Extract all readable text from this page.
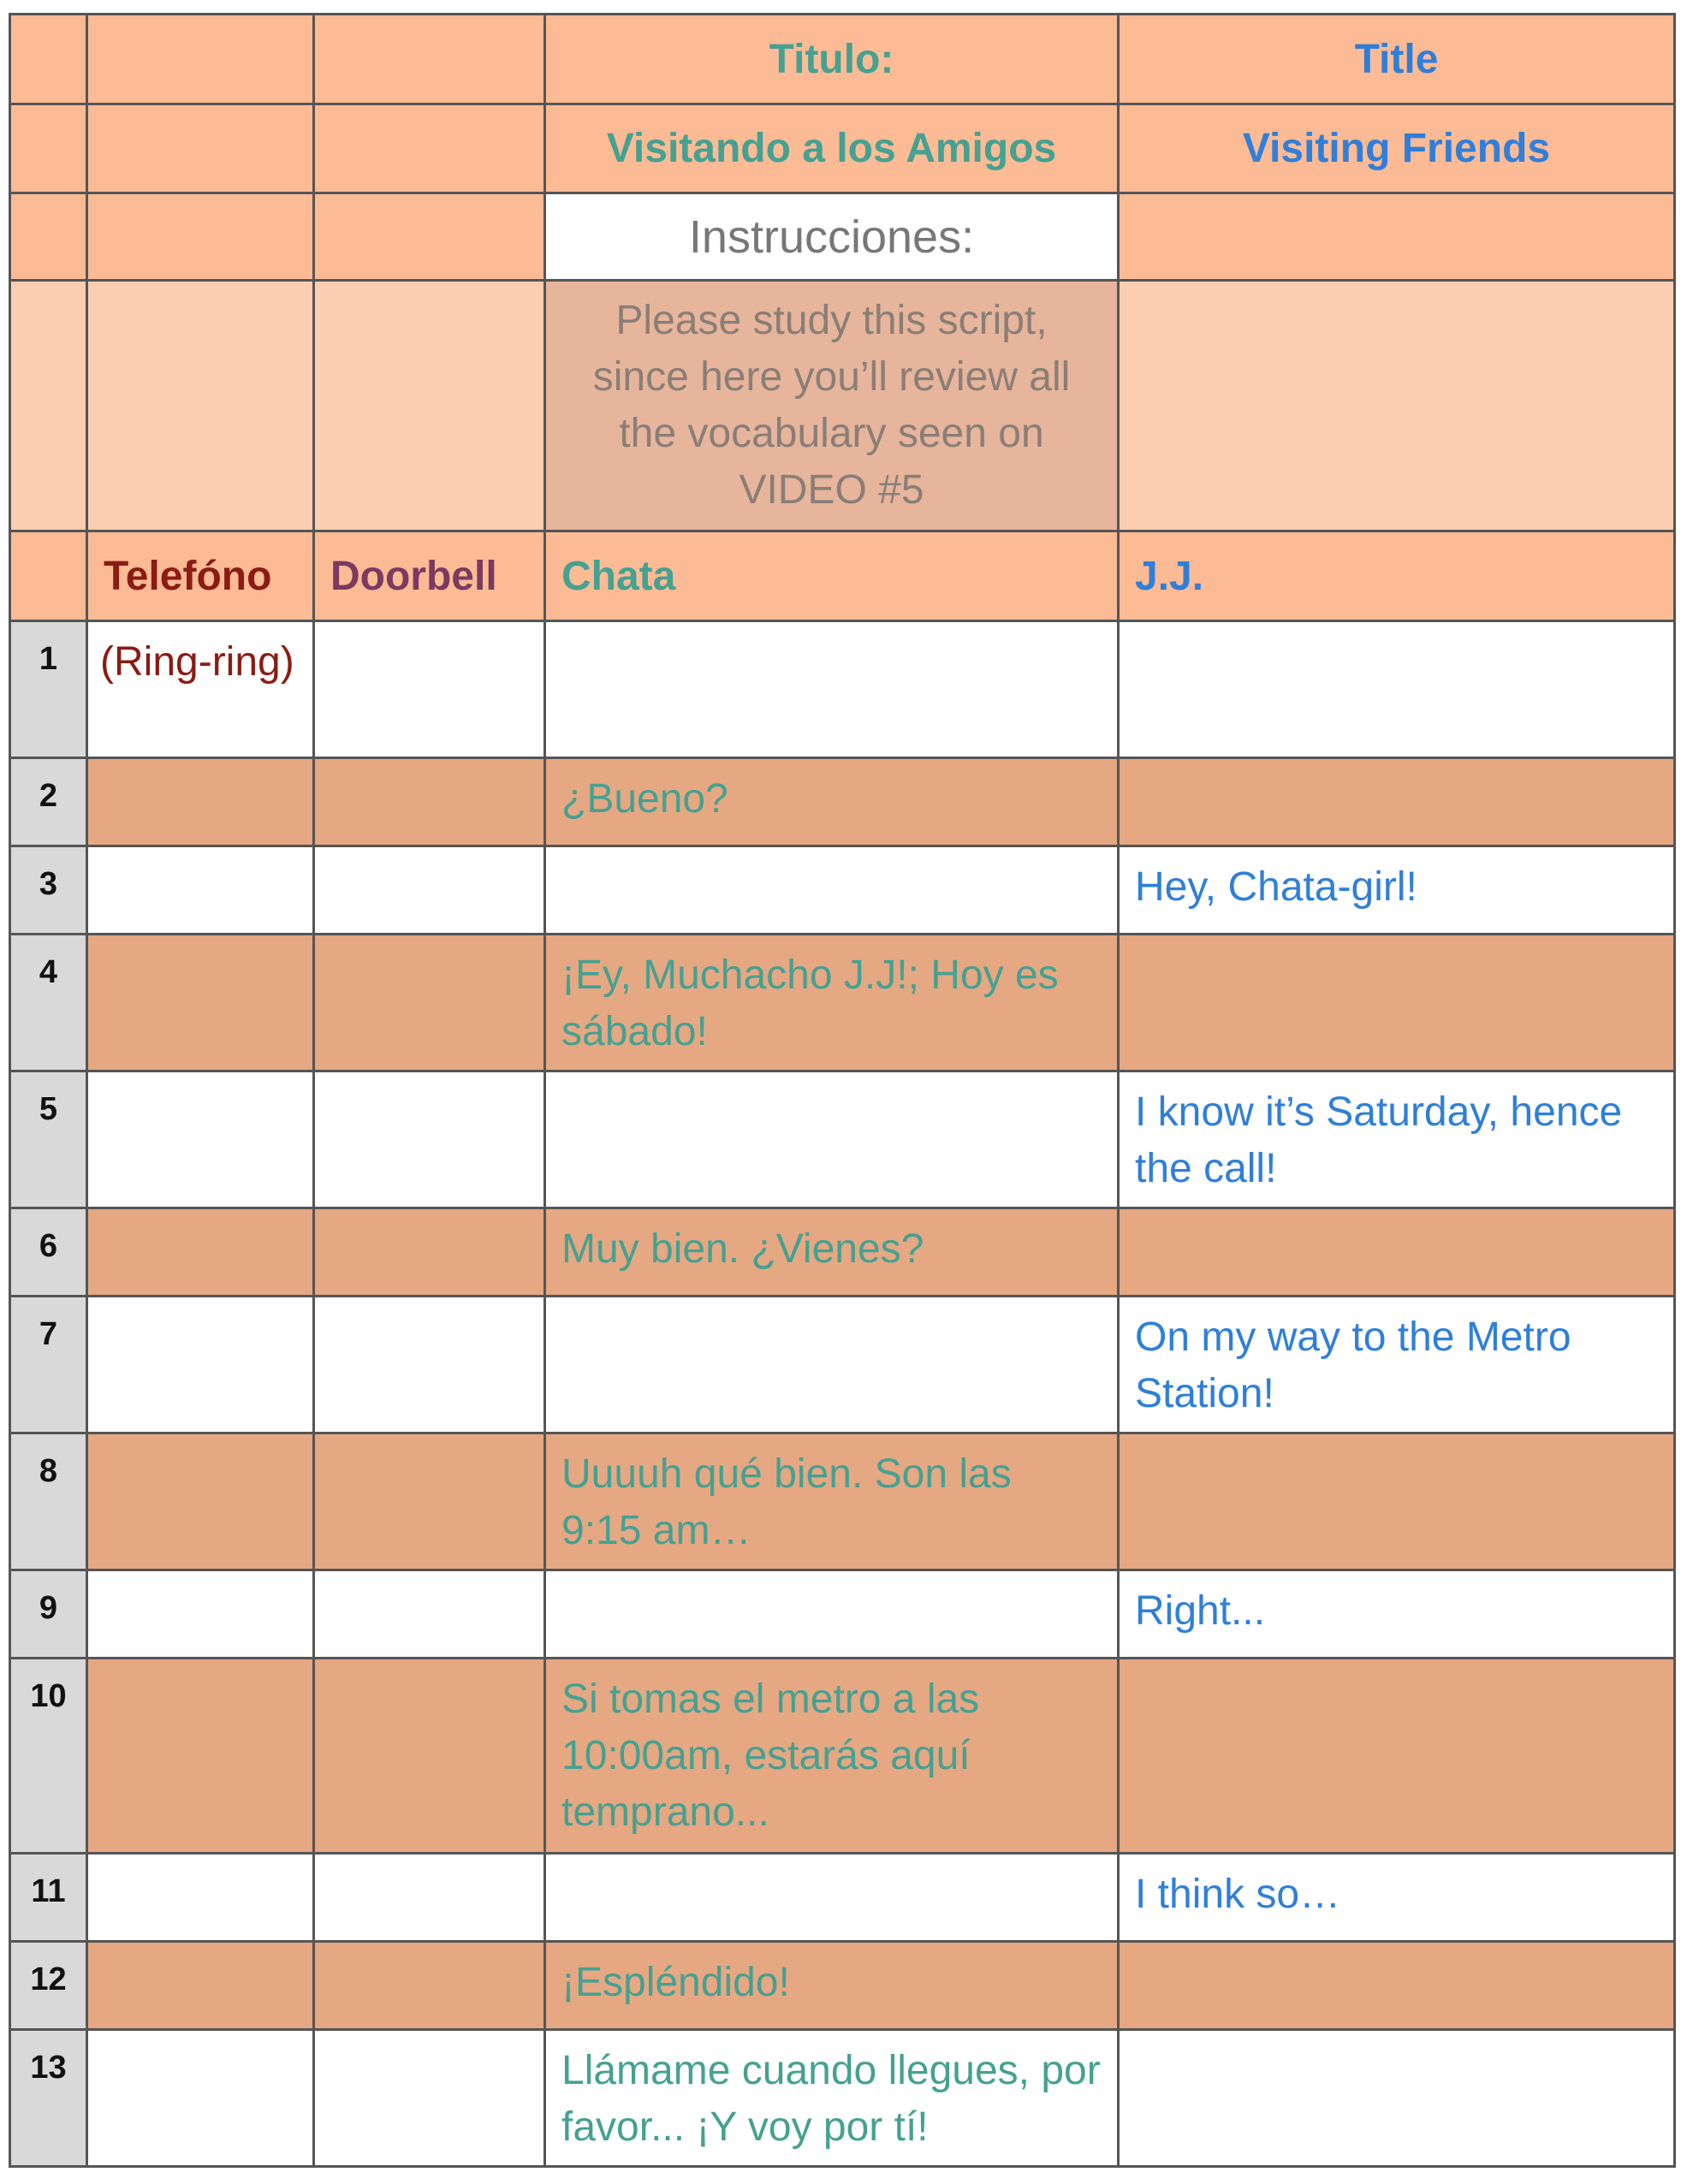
			Titulo:	Title
			Visitando a los Amigos	Visiting Friends
			Instrucciones:	
			Please study this script, since here you’ll review all the vocabulary seen on VIDEO #5	
	Telefóno	Doorbell	Chata	J.J.
1	(Ring-ring)			
2			¿Bueno?	
3				Hey, Chata-girl!
4			¡Ey, Muchacho J.J!; Hoy es sábado!	
5				I know it’s Saturday, hence the call!
6			Muy bien. ¿Vienes?	
7				On my way to the Metro Station!
8			Uuuuh qué bien. Son las 9:15 am…	
9				Right...
10			Si tomas el metro a las 10:00am, estarás aquí temprano...	
11				I think so…
12			¡Espléndido!	
13			Llámame cuando llegues, por favor... ¡Y voy por tí!	
